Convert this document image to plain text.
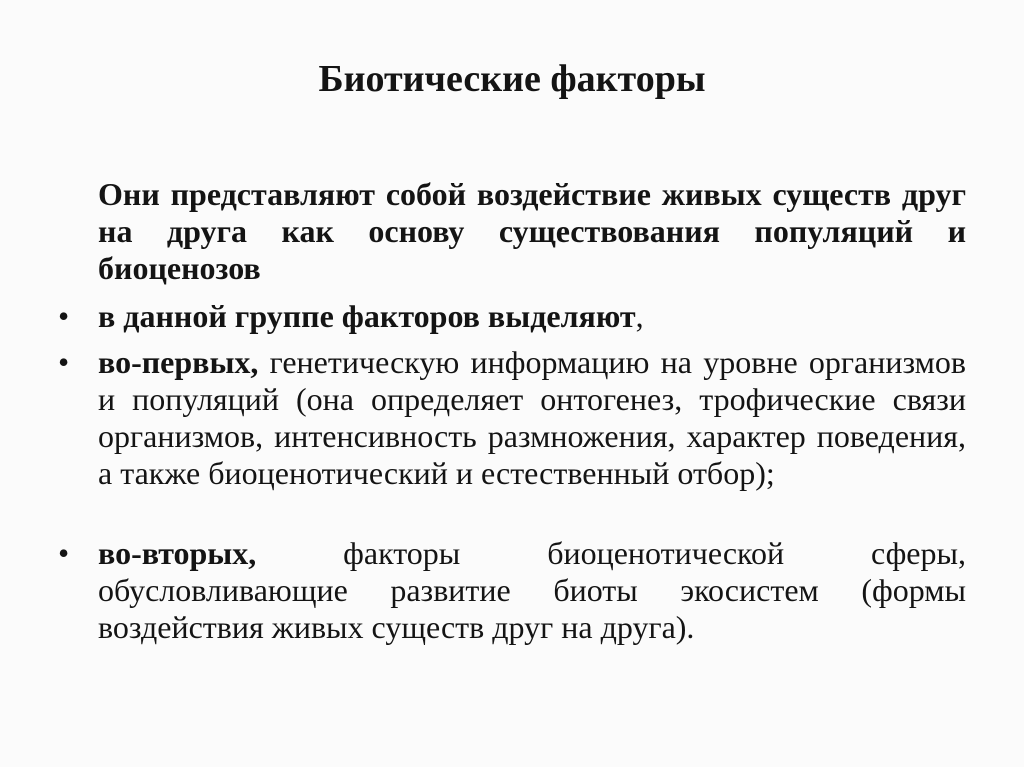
Биотические факторы

Они представляют собой воздействие живых существ друг на друга как основу существования популяций и биоценозов

• в данной группе факторов выделяют,

• во-первых, генетическую информацию на уровне организмов и популяций (она определяет онтогенез, трофические связи организмов, интенсивность размножения, характер поведения, а также биоценотический и естественный отбор);

• во-вторых, факторы биоценотической сферы, обусловливающие развитие биоты экосистем (формы воздействия живых существ друг на друга).
